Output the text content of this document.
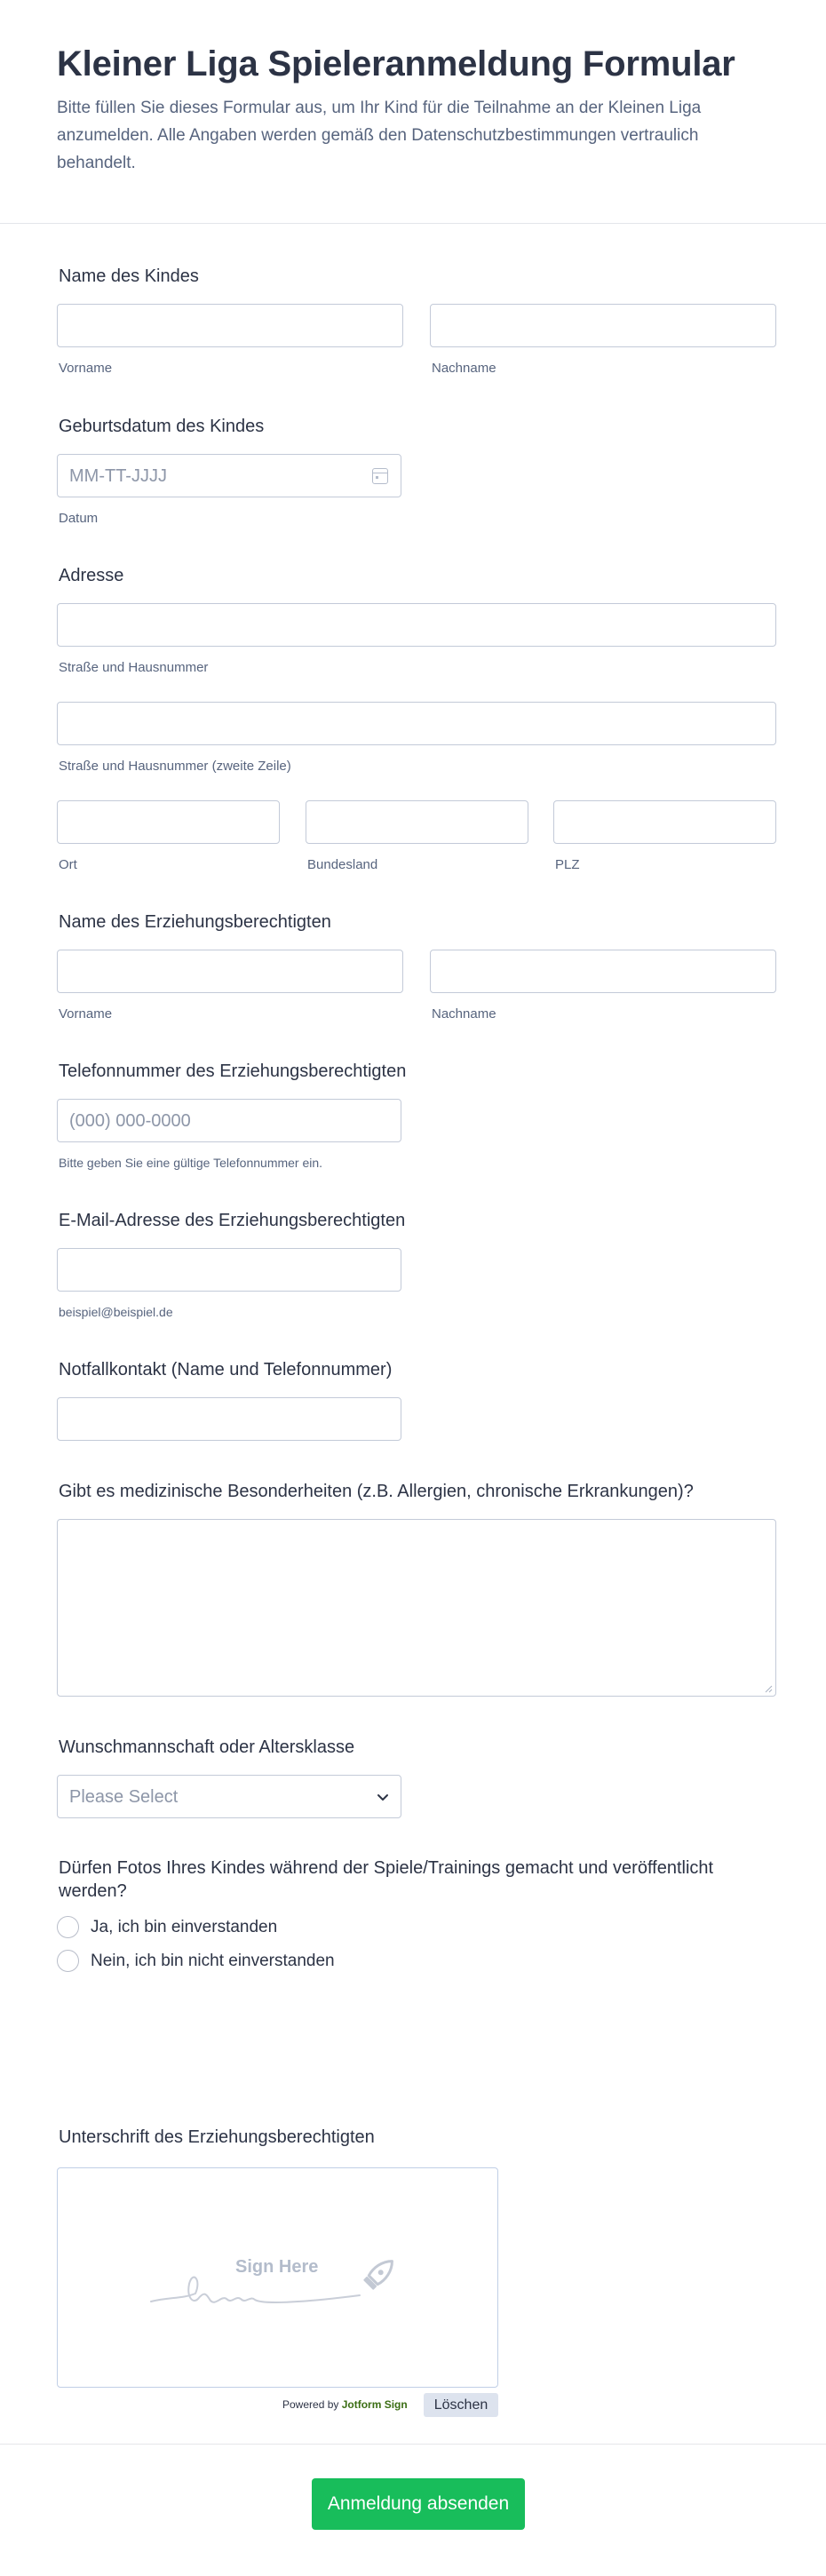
Kleiner Liga Spieleranmeldung Formular

Bitte füllen Sie dieses Formular aus, um Ihr Kind für die Teilnahme an der Kleinen Liga anzumelden. Alle Angaben werden gemäß den Datenschutzbestimmungen vertraulich behandelt.

Name des Kindes
Vorname	Nachname
Geburtsdatum des Kindes
MM-TT-JJJJ
Datum
Adresse
Straße und Hausnummer
Straße und Hausnummer (zweite Zeile)
Ort	Bundesland	PLZ
Name des Erziehungsberechtigten
Vorname	Nachname
Telefonnummer des Erziehungsberechtigten
(000) 000-0000
Bitte geben Sie eine gültige Telefonnummer ein.
E-Mail-Adresse des Erziehungsberechtigten
beispiel@beispiel.de
Notfallkontakt (Name und Telefonnummer)
Gibt es medizinische Besonderheiten (z.B. Allergien, chronische Erkrankungen)?
Wunschmannschaft oder Altersklasse
Please Select
Dürfen Fotos Ihres Kindes während der Spiele/Trainings gemacht und veröffentlicht werden?
Ja, ich bin einverstanden
Nein, ich bin nicht einverstanden
Unterschrift des Erziehungsberechtigten
Sign Here
Powered by Jotform Sign	Löschen
Anmeldung absenden
